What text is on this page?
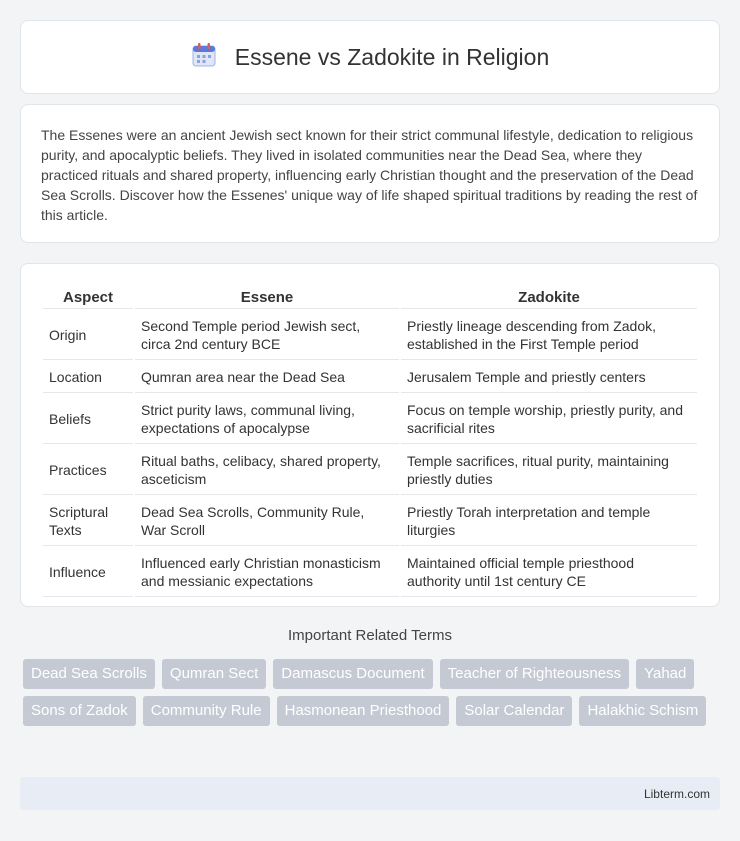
Essene vs Zadokite in Religion

The Essenes were an ancient Jewish sect known for their strict communal lifestyle, dedication to religious purity, and apocalyptic beliefs. They lived in isolated communities near the Dead Sea, where they practiced rituals and shared property, influencing early Christian thought and the preservation of the Dead Sea Scrolls. Discover how the Essenes' unique way of life shaped spiritual traditions by reading the rest of this article.

Aspect	Essene	Zadokite
Origin	Second Temple period Jewish sect, circa 2nd century BCE	Priestly lineage descending from Zadok, established in the First Temple period
Location	Qumran area near the Dead Sea	Jerusalem Temple and priestly centers
Beliefs	Strict purity laws, communal living, expectations of apocalypse	Focus on temple worship, priestly purity, and sacrificial rites
Practices	Ritual baths, celibacy, shared property, asceticism	Temple sacrifices, ritual purity, maintaining priestly duties
Scriptural Texts	Dead Sea Scrolls, Community Rule, War Scroll	Priestly Torah interpretation and temple liturgies
Influence	Influenced early Christian monasticism and messianic expectations	Maintained official temple priesthood authority until 1st century CE
Important Related Terms
Dead Sea Scrolls	Qumran Sect	Damascus Document	Teacher of Righteousness	Yahad
Sons of Zadok	Community Rule	Hasmonean Priesthood	Solar Calendar	Halakhic Schism
Libterm.com
